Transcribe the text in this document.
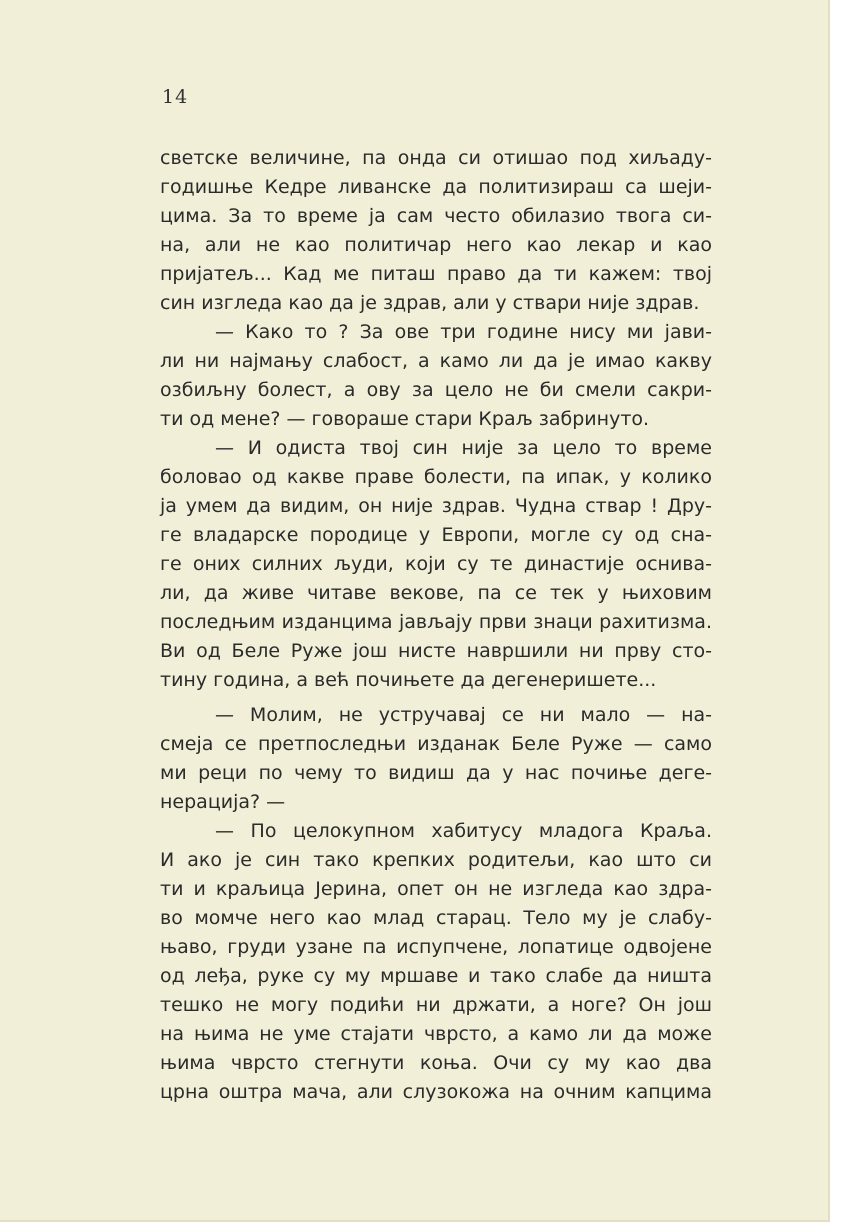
14
светске величине, па онда си отишао под хиљаду-
годишње Кедре ливанске да политизираш са шеји-
цима. За то време ја сам често обилазио твога си-
на, али не као политичар него као лекар и као
пријатељ... Кад ме питаш право да ти кажем: твој
син изгледа као да је здрав, али у ствари није здрав.
— Како то ? За ове три године нису ми јави-
ли ни најмању слабост, а камо ли да је имао какву
озбиљну болест, а ову за цело не би смели сакри-
ти од мене? — говораше стари Краљ забринуто.
— И одиста твој син није за цело то време
боловао од какве праве болести, па ипак, у колико
ја умем да видим, он није здрав. Чудна ствар ! Дру-
ге владарске породице у Европи, могле су од сна-
ге оних силних људи, који су те династије оснива-
ли, да живе читаве векове, па се тек у њиховим
последњим изданцима јављају први знаци рахитизма.
Ви од Беле Руже још нисте навршили ни прву сто-
тину година, а већ почињете да дегенеришете...
— Молим, не устручавај се ни мало — на-
смеја се претпоследњи изданак Беле Руже — само
ми реци по чему то видиш да у нас почиње деге-
нерација? —
— По целокупном хабитусу младога Краља.
И ако је син тако крепких родитељи, као што си
ти и краљица Јерина, опет он не изгледа као здра-
во момче него као млад старац. Тело му је слабу-
њаво, груди узане па испупчене, лопатице одвојене
од леђа, руке су му мршаве и тако слабе да ништа
тешко не могу подићи ни држати, а ноге? Он још
на њима не уме стајати чврсто, а камо ли да може
њима чврсто стегнути коња. Очи су му као два
црна оштра мача, али слузокожа на очним капцима
